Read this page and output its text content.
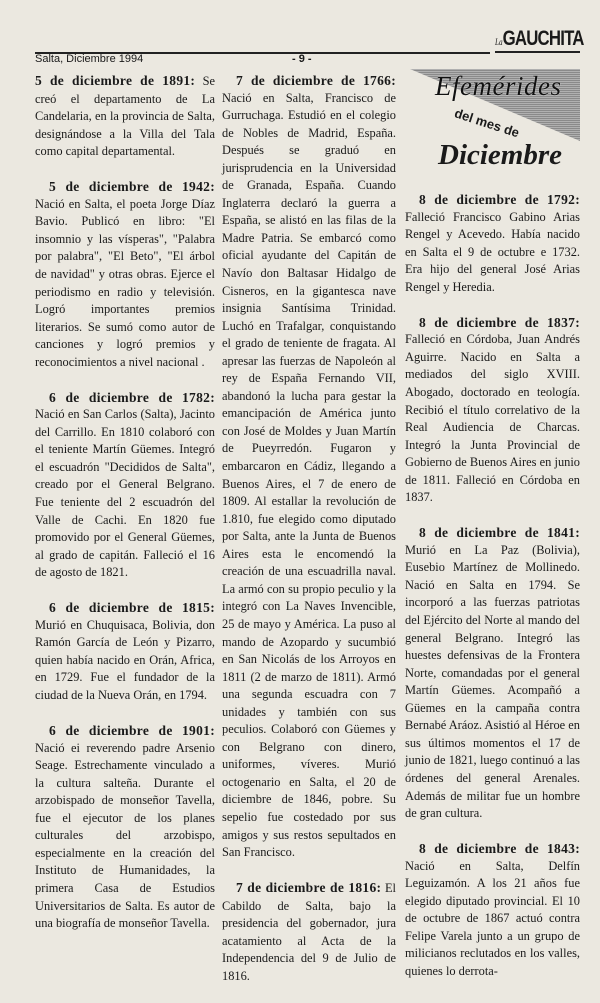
Salta, Diciembre 1994	- 9 -
LaGAUCHITA
Efemérides
del mes de
Diciembre
5 de diciembre de 1891:

Se creó el departamento de La Candelaria, en la provincia de Salta, designándose a la Villa del Tala como capital departamental.

5 de diciembre de 1942:

Nació en Salta, el poeta Jorge Díaz Bavio. Publicó en libro: "El insomnio y las vísperas", "Palabra por palabra", "El Beto", "El árbol de navidad" y otras obras. Ejerce el periodismo en radio y televisión. Logró importantes premios literarios. Se sumó como autor de canciones y logró premios y reconocimientos a nivel nacional .

6 de diciembre de 1782:

Nació en San Carlos (Salta), Jacinto del Carrillo. En 1810 colaboró con el teniente Martín Güemes. Integró el escuadrón "Decididos de Salta", creado por el General Belgrano. Fue teniente del 2 escuadrón del Valle de Cachi. En 1820 fue promovido por el General Güemes, al grado de capitán. Falleció el 16 de agosto de 1821.

6 de diciembre de 1815:

Murió en Chuquisaca, Bolivia, don Ramón García de León y Pizarro, quien había nacido en Orán, Africa, en 1729. Fue el fundador de la ciudad de la Nueva Orán, en 1794.

6 de diciembre de 1901:

Nació ei reverendo padre Arsenio Seage. Estrechamente vinculado a la cultura salteña. Durante el arzobispado de monseñor Tavella, fue el ejecutor de los planes culturales del arzobispo, especialmente en la creación del Instituto de Humanidades, la primera Casa de Estudios Universitarios de Salta. Es autor de una biografía de monseñor Tavella.

7 de diciembre de 1766:

Nació en Salta, Francisco de Gurruchaga. Estudió en el colegio de Nobles de Madrid, España. Después se graduó en jurisprudencia en la Universidad de Granada, España. Cuando Inglaterra declaró la guerra a España, se alistó en las filas de la Madre Patria. Se embarcó como oficial ayudante del Capitán de Navío don Baltasar Hidalgo de Cisneros, en la gigantesca nave insignia Santísima Trinidad. Luchó en Trafalgar, conquistando el grado de teniente de fragata. Al apresar las fuerzas de Napoleón al rey de España Fernando VII, abandonó la lucha para gestar la emancipación de América junto con José de Moldes y Juan Martín de Pueyrredón. Fugaron y embarcaron en Cádiz, llegando a Buenos Aires, el 7 de enero de 1809. Al estallar la revolución de 1.810, fue elegido como diputado por Salta, ante la Junta de Buenos Aires esta le encomendó la creación de una escuadrilla naval. La armó con su propio peculio y la integró con La Naves Invencible, 25 de mayo y América. La puso al mando de Azopardo y sucumbió en San Nicolás de los Arroyos en 1811 (2 de marzo de 1811). Armó una segunda escuadra con 7 unidades y también con sus peculios. Colaboró con Güemes y con Belgrano con dinero, uniformes, víveres. Murió octogenario en Salta, el 20 de diciembre de 1846, pobre. Su sepelio fue costedado por sus amigos y sus restos sepultados en San Francisco.

7 de diciembre de 1816:

El Cabildo de Salta, bajo la presidencia del gobernador, jura acatamiento al Acta de la Independencia del 9 de Julio de 1816.

8 de diciembre de 1792:

Falleció Francisco Gabino Arias Rengel y Acevedo. Había nacido en Salta el 9 de octubre e 1732. Era hijo del general José Arias Rengel y Heredia.

8 de diciembre de 1837:

Falleció en Córdoba, Juan Andrés Aguirre. Nacido en Salta a mediados del siglo XVIII. Abogado, doctorado en teología. Recibió el título correlativo de la Real Audiencia de Charcas. Integró la Junta Provincial de Gobierno de Buenos Aires en junio de 1811. Falleció en Córdoba en 1837.

8 de diciembre de 1841:

Murió en La Paz (Bolivia), Eusebio Martínez de Mollinedo. Nació en Salta en 1794. Se incorporó a las fuerzas patriotas del Ejército del Norte al mando del general Belgrano. Integró las huestes defensivas de la Frontera Norte, comandadas por el general Martín Güemes. Acompañó a Güemes en la campaña contra Bernabé Aráoz. Asistió al Héroe en sus últimos momentos el 17 de junio de 1821, luego continuó a las órdenes del general Arenales. Además de militar fue un hombre de gran cultura.

8 de diciembre de 1843:

Nació en Salta, Delfín Leguizamón. A los 21 años fue elegido diputado provincial. El 10 de octubre de 1867 actuó contra Felipe Varela junto a un grupo de milicianos reclutados en los valles, quienes lo derrota-
